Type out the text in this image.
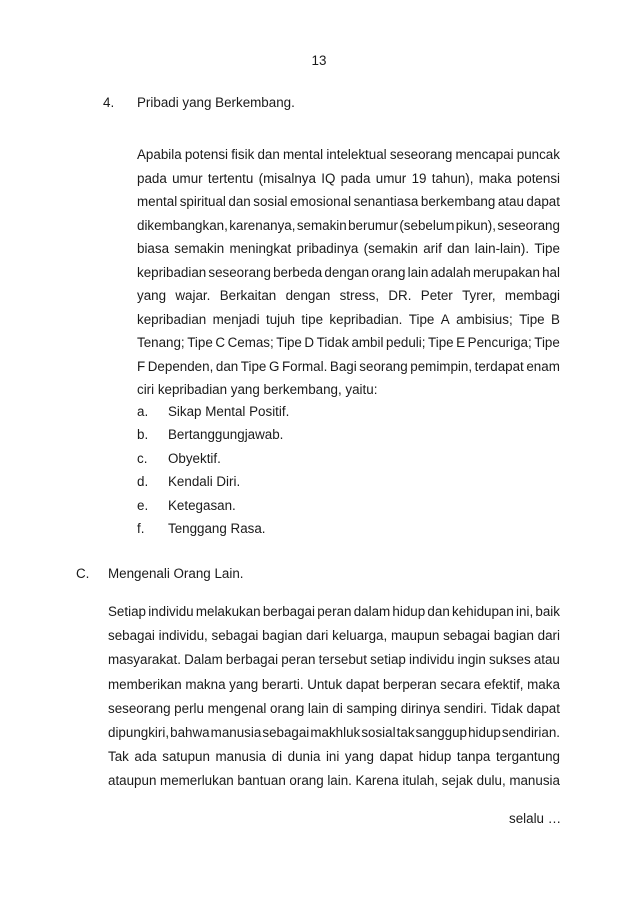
13
4. Pribadi yang Berkembang.
Apabila potensi fisik dan mental intelektual seseorang mencapai puncak
pada umur tertentu (misalnya IQ pada umur 19 tahun), maka potensi
mental spiritual dan sosial emosional senantiasa berkembang atau dapat
dikembangkan, karenanya, semakin berumur (sebelum pikun), seseorang
biasa semakin meningkat pribadinya (semakin arif dan lain-lain). Tipe
kepribadian seseorang berbeda dengan orang lain adalah merupakan hal
yang wajar. Berkaitan dengan stress, DR. Peter Tyrer, membagi
kepribadian menjadi tujuh tipe kepribadian. Tipe A ambisius; Tipe B
Tenang; Tipe C Cemas; Tipe D Tidak ambil peduli; Tipe E Pencuriga; Tipe
F Dependen, dan Tipe G Formal. Bagi seorang pemimpin, terdapat enam
ciri kepribadian yang berkembang, yaitu:
a. Sikap Mental Positif.
b. Bertanggungjawab.
c. Obyektif.
d. Kendali Diri.
e. Ketegasan.
f. Tenggang Rasa.
C. Mengenali Orang Lain.
Setiap individu melakukan berbagai peran dalam hidup dan kehidupan ini, baik
sebagai individu, sebagai bagian dari keluarga, maupun sebagai bagian dari
masyarakat. Dalam berbagai peran tersebut setiap individu ingin sukses atau
memberikan makna yang berarti. Untuk dapat berperan secara efektif, maka
seseorang perlu mengenal orang lain di samping dirinya sendiri. Tidak dapat
dipungkiri, bahwa manusia sebagai makhluk sosial tak sanggup hidup sendirian.
Tak ada satupun manusia di dunia ini yang dapat hidup tanpa tergantung
ataupun memerlukan bantuan orang lain. Karena itulah, sejak dulu, manusia
selalu …
